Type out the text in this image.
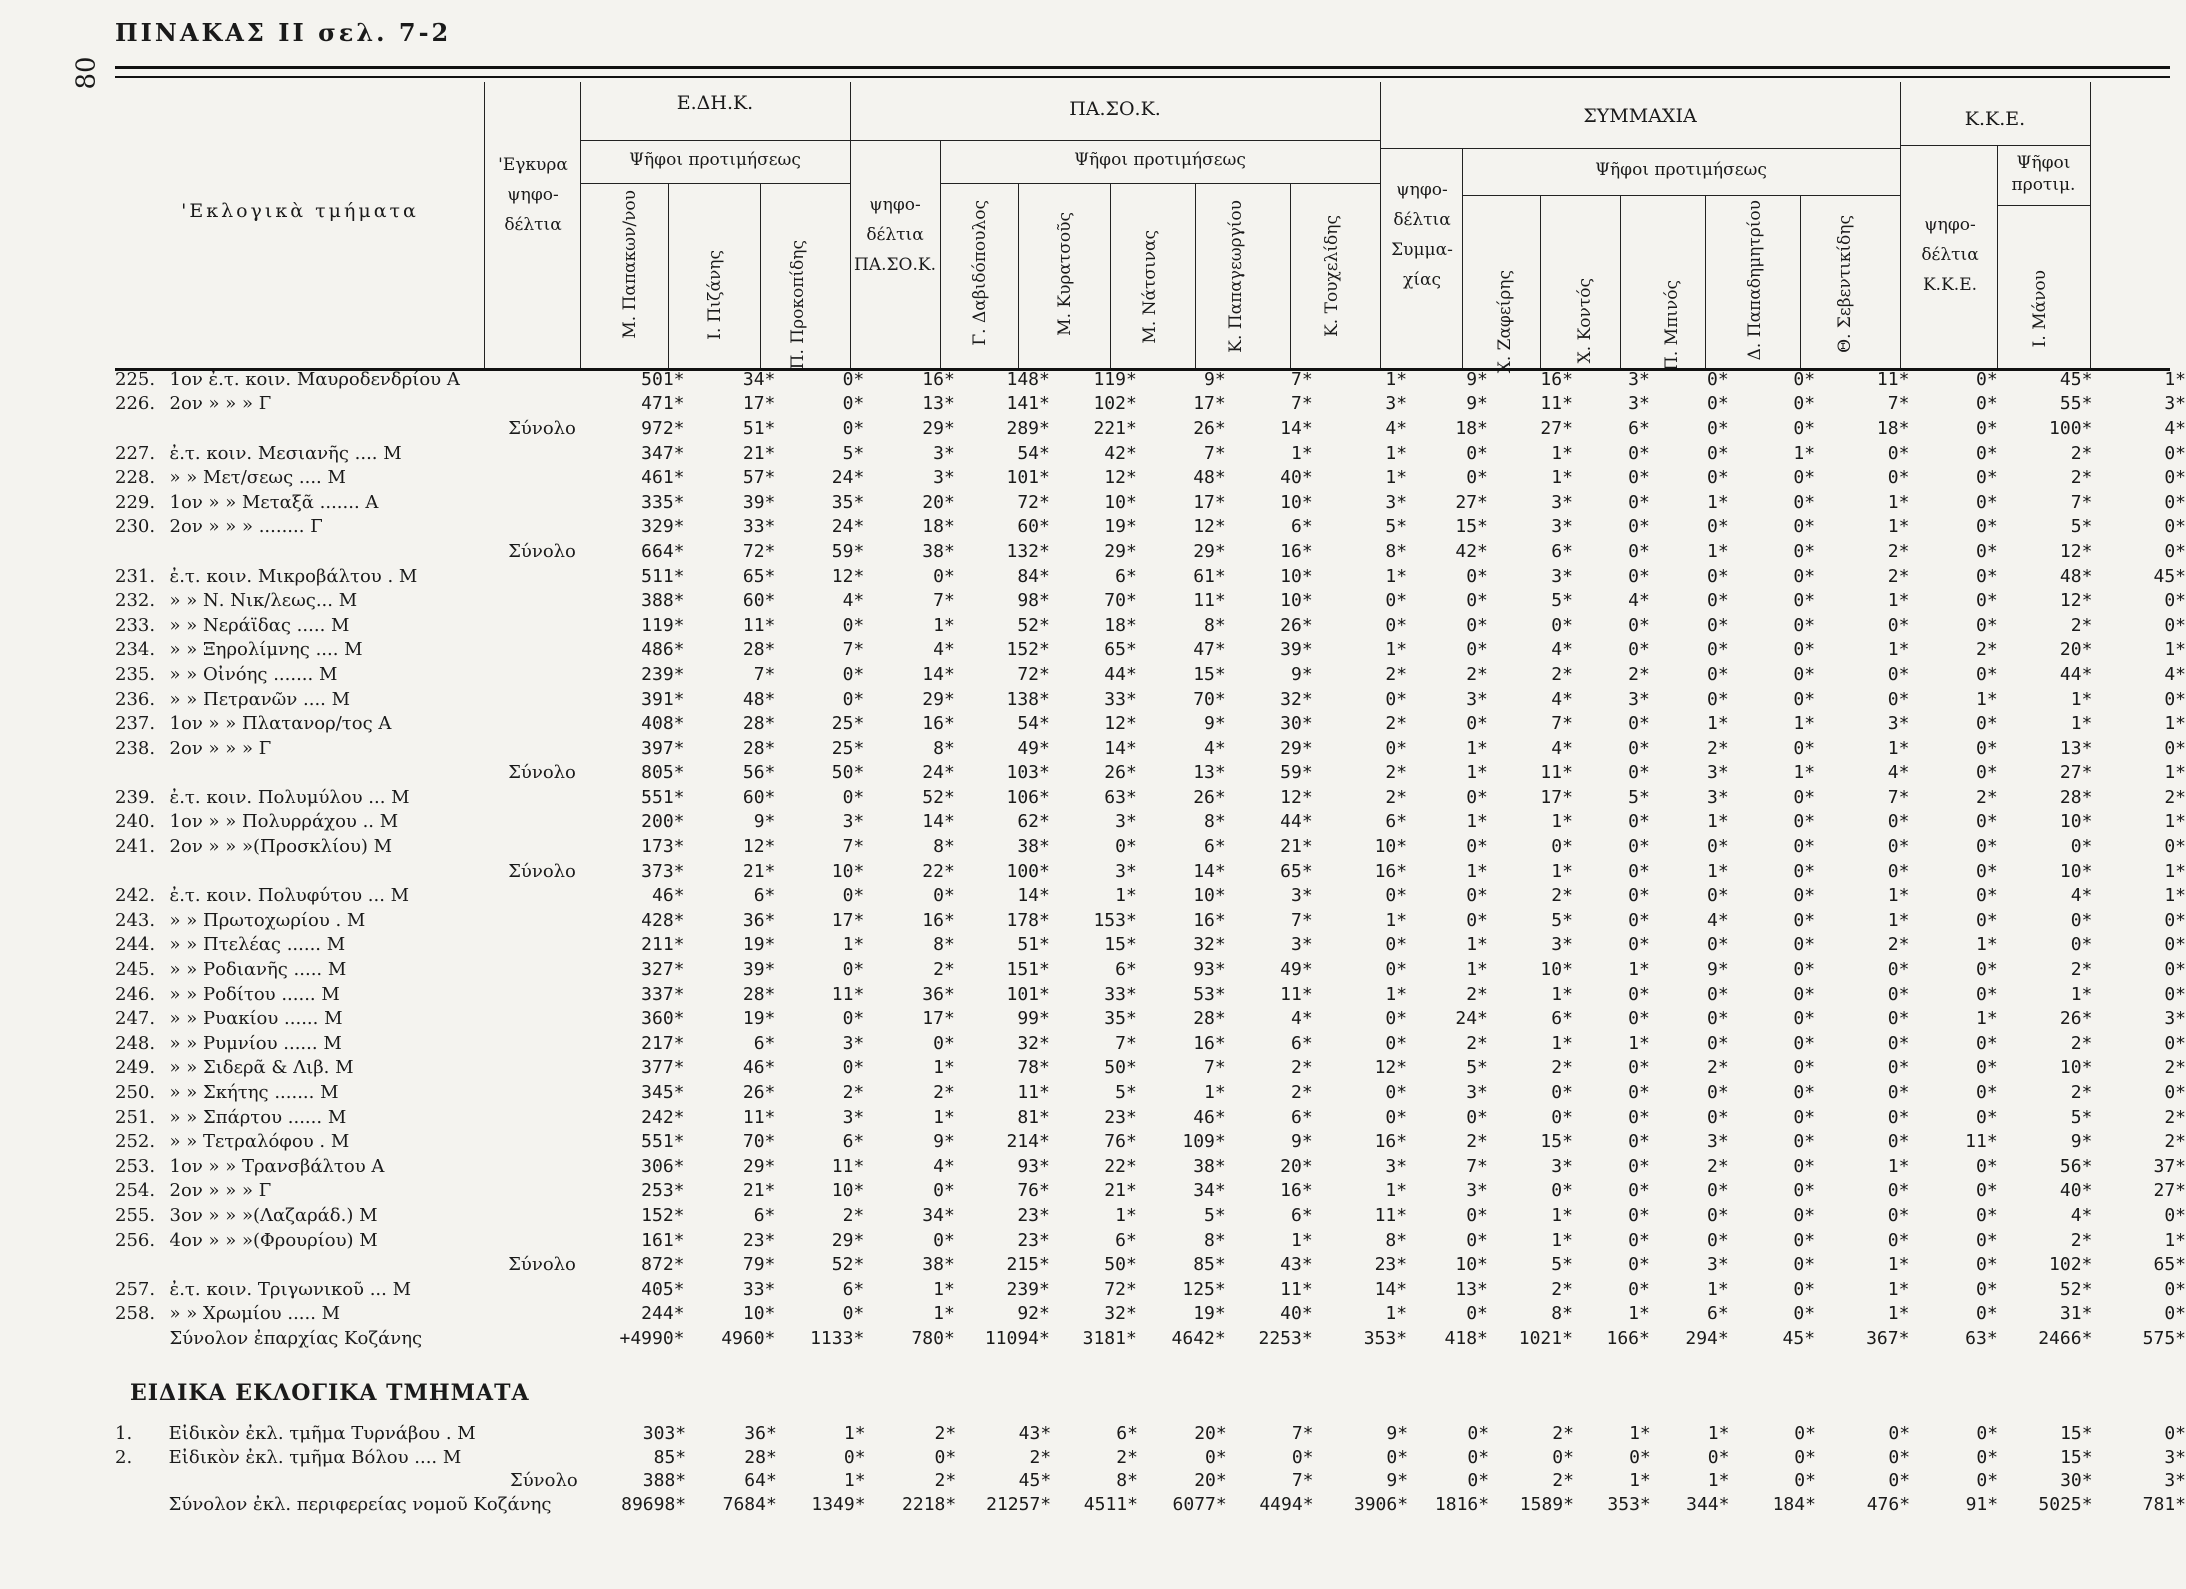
80
ΠΙΝΑΚΑΣ ΙΙ σελ. 7-2
'Εκλογικὰ τμήματα
'Εγκυρα ψηφο-δέλτια
Ε.ΔΗ.Κ.
Ψῆφοι προτιμήσεως
Μ. Παπακων/νου	Ι. Πιζάνης	Π. Προκοπίδης
ΠΑ.ΣΟ.Κ.
ψηφο-δέλτια ΠΑ.ΣΟ.Κ.
Ψῆφοι προτιμήσεως
Γ. Δαβιδόπουλος	Μ. Κυρατσοῦς	Μ. Νάτσινας	Κ. Παπαγεωργίου	Κ. Τουχελίδης
ΣΥΜΜΑΧΙΑ
ψηφο-δέλτια Συμμα-χίας
Ψῆφοι προτιμήσεως
Χ. Ζαφείρης	Χ. Κοντός	Π. Μπινός	Δ. Παπαδημητρίου	Θ. Σεβεντικίδης
Κ.Κ.Ε.
ψηφο-δέλτια Κ.Κ.Ε.
Ψῆφοι προτιμ.
Ι. Μάνου
225.	1ον ἐ.τ. κοιν. Μαυροδενδρίου Α	501*	34*	0*	16*	148*	119*	9*	7*	1*	9*	16*	3*	0*	0*	11*	0*	45*	1*
226.	2ον » » » Γ	471*	17*	0*	13*	141*	102*	17*	7*	3*	9*	11*	3*	0*	0*	7*	0*	55*	3*
	Σύνολο	972*	51*	0*	29*	289*	221*	26*	14*	4*	18*	27*	6*	0*	0*	18*	0*	100*	4*
227.	ἐ.τ. κοιν. Μεσιανῆς .... Μ	347*	21*	5*	3*	54*	42*	7*	1*	1*	0*	1*	0*	0*	1*	0*	0*	2*	0*
228.	» » Μετ/σεως .... Μ	461*	57*	24*	3*	101*	12*	48*	40*	1*	0*	1*	0*	0*	0*	0*	0*	2*	0*
229.	1ον » » Μεταξᾶ ....... Α	335*	39*	35*	20*	72*	10*	17*	10*	3*	27*	3*	0*	1*	0*	1*	0*	7*	0*
230.	2ον » » » ........ Γ	329*	33*	24*	18*	60*	19*	12*	6*	5*	15*	3*	0*	0*	0*	1*	0*	5*	0*
	Σύνολο	664*	72*	59*	38*	132*	29*	29*	16*	8*	42*	6*	0*	1*	0*	2*	0*	12*	0*
231.	ἐ.τ. κοιν. Μικροβάλτου . Μ	511*	65*	12*	0*	84*	6*	61*	10*	1*	0*	3*	0*	0*	0*	2*	0*	48*	45*
232.	» » Ν. Νικ/λεως... Μ	388*	60*	4*	7*	98*	70*	11*	10*	0*	0*	5*	4*	0*	0*	1*	0*	12*	0*
233.	» » Νεράϊδας ..... Μ	119*	11*	0*	1*	52*	18*	8*	26*	0*	0*	0*	0*	0*	0*	0*	0*	2*	0*
234.	» » Ξηρολίμνης .... Μ	486*	28*	7*	4*	152*	65*	47*	39*	1*	0*	4*	0*	0*	0*	1*	2*	20*	1*
235.	» » Οἰνόης ....... Μ	239*	7*	0*	14*	72*	44*	15*	9*	2*	2*	2*	2*	0*	0*	0*	0*	44*	4*
236.	» » Πετρανῶν .... Μ	391*	48*	0*	29*	138*	33*	70*	32*	0*	3*	4*	3*	0*	0*	0*	1*	1*	0*
237.	1ον » » Πλατανορ/τος Α	408*	28*	25*	16*	54*	12*	9*	30*	2*	0*	7*	0*	1*	1*	3*	0*	1*	1*
238.	2ον » » » Γ	397*	28*	25*	8*	49*	14*	4*	29*	0*	1*	4*	0*	2*	0*	1*	0*	13*	0*
	Σύνολο	805*	56*	50*	24*	103*	26*	13*	59*	2*	1*	11*	0*	3*	1*	4*	0*	27*	1*
239.	ἐ.τ. κοιν. Πολυμύλου ... Μ	551*	60*	0*	52*	106*	63*	26*	12*	2*	0*	17*	5*	3*	0*	7*	2*	28*	2*
240.	1ον » » Πολυρράχου .. Μ	200*	9*	3*	14*	62*	3*	8*	44*	6*	1*	1*	0*	1*	0*	0*	0*	10*	1*
241.	2ον » » »(Προσκλίου) Μ	173*	12*	7*	8*	38*	0*	6*	21*	10*	0*	0*	0*	0*	0*	0*	0*	0*	0*
	Σύνολο	373*	21*	10*	22*	100*	3*	14*	65*	16*	1*	1*	0*	1*	0*	0*	0*	10*	1*
242.	ἐ.τ. κοιν. Πολυφύτου ... Μ	46*	6*	0*	0*	14*	1*	10*	3*	0*	0*	2*	0*	0*	0*	1*	0*	4*	1*
243.	» » Πρωτοχωρίου . Μ	428*	36*	17*	16*	178*	153*	16*	7*	1*	0*	5*	0*	4*	0*	1*	0*	0*	0*
244.	» » Πτελέας ...... Μ	211*	19*	1*	8*	51*	15*	32*	3*	0*	1*	3*	0*	0*	0*	2*	1*	0*	0*
245.	» » Ροδιανῆς ..... Μ	327*	39*	0*	2*	151*	6*	93*	49*	0*	1*	10*	1*	9*	0*	0*	0*	2*	0*
246.	» » Ροδίτου ...... Μ	337*	28*	11*	36*	101*	33*	53*	11*	1*	2*	1*	0*	0*	0*	0*	0*	1*	0*
247.	» » Ρυακίου ...... Μ	360*	19*	0*	17*	99*	35*	28*	4*	0*	24*	6*	0*	0*	0*	0*	1*	26*	3*
248.	» » Ρυμνίου ...... Μ	217*	6*	3*	0*	32*	7*	16*	6*	0*	2*	1*	1*	0*	0*	0*	0*	2*	0*
249.	» » Σιδερᾶ & Λιβ. Μ	377*	46*	0*	1*	78*	50*	7*	2*	12*	5*	2*	0*	2*	0*	0*	0*	10*	2*
250.	» » Σκήτης ....... Μ	345*	26*	2*	2*	11*	5*	1*	2*	0*	3*	0*	0*	0*	0*	0*	0*	2*	0*
251.	» » Σπάρτου ...... Μ	242*	11*	3*	1*	81*	23*	46*	6*	0*	0*	0*	0*	0*	0*	0*	0*	5*	2*
252.	» » Τετραλόφου . Μ	551*	70*	6*	9*	214*	76*	109*	9*	16*	2*	15*	0*	3*	0*	0*	11*	9*	2*
253.	1ον » » Τρανσβάλτου Α	306*	29*	11*	4*	93*	22*	38*	20*	3*	7*	3*	0*	2*	0*	1*	0*	56*	37*
254.	2ον » » » Γ	253*	21*	10*	0*	76*	21*	34*	16*	1*	3*	0*	0*	0*	0*	0*	0*	40*	27*
255.	3ον » » »(Λαζαράδ.) Μ	152*	6*	2*	34*	23*	1*	5*	6*	11*	0*	1*	0*	0*	0*	0*	0*	4*	0*
256.	4ον » » »(Φρουρίου) Μ	161*	23*	29*	0*	23*	6*	8*	1*	8*	0*	1*	0*	0*	0*	0*	0*	2*	1*
	Σύνολο	872*	79*	52*	38*	215*	50*	85*	43*	23*	10*	5*	0*	3*	0*	1*	0*	102*	65*
257.	ἐ.τ. κοιν. Τριγωνικοῦ ... Μ	405*	33*	6*	1*	239*	72*	125*	11*	14*	13*	2*	0*	1*	0*	1*	0*	52*	0*
258.	» » Χρωμίου ..... Μ	244*	10*	0*	1*	92*	32*	19*	40*	1*	0*	8*	1*	6*	0*	1*	0*	31*	0*
	Σύνολον ἐπαρχίας Κοζάνης	+4990*	4960*	1133*	780*	11094*	3181*	4642*	2253*	353*	418*	1021*	166*	294*	45*	367*	63*	2466*	575*
ΕΙΔΙΚΑ ΕΚΛΟΓΙΚΑ ΤΜΗΜΑΤΑ
1.	Εἰδικὸν ἐκλ. τμῆμα Τυρνάβου . Μ	303*	36*	1*	2*	43*	6*	20*	7*	9*	0*	2*	1*	1*	0*	0*	0*	15*	0*
2.	Εἰδικὸν ἐκλ. τμῆμα Βόλου .... Μ	85*	28*	0*	0*	2*	2*	0*	0*	0*	0*	0*	0*	0*	0*	0*	0*	15*	3*
	Σύνολο	388*	64*	1*	2*	45*	8*	20*	7*	9*	0*	2*	1*	1*	0*	0*	0*	30*	3*
	Σύνολον ἐκλ. περιφερείας νομοῦ Κοζάνης	89698*	7684*	1349*	2218*	21257*	4511*	6077*	4494*	3906*	1816*	1589*	353*	344*	184*	476*	91*	5025*	781*
